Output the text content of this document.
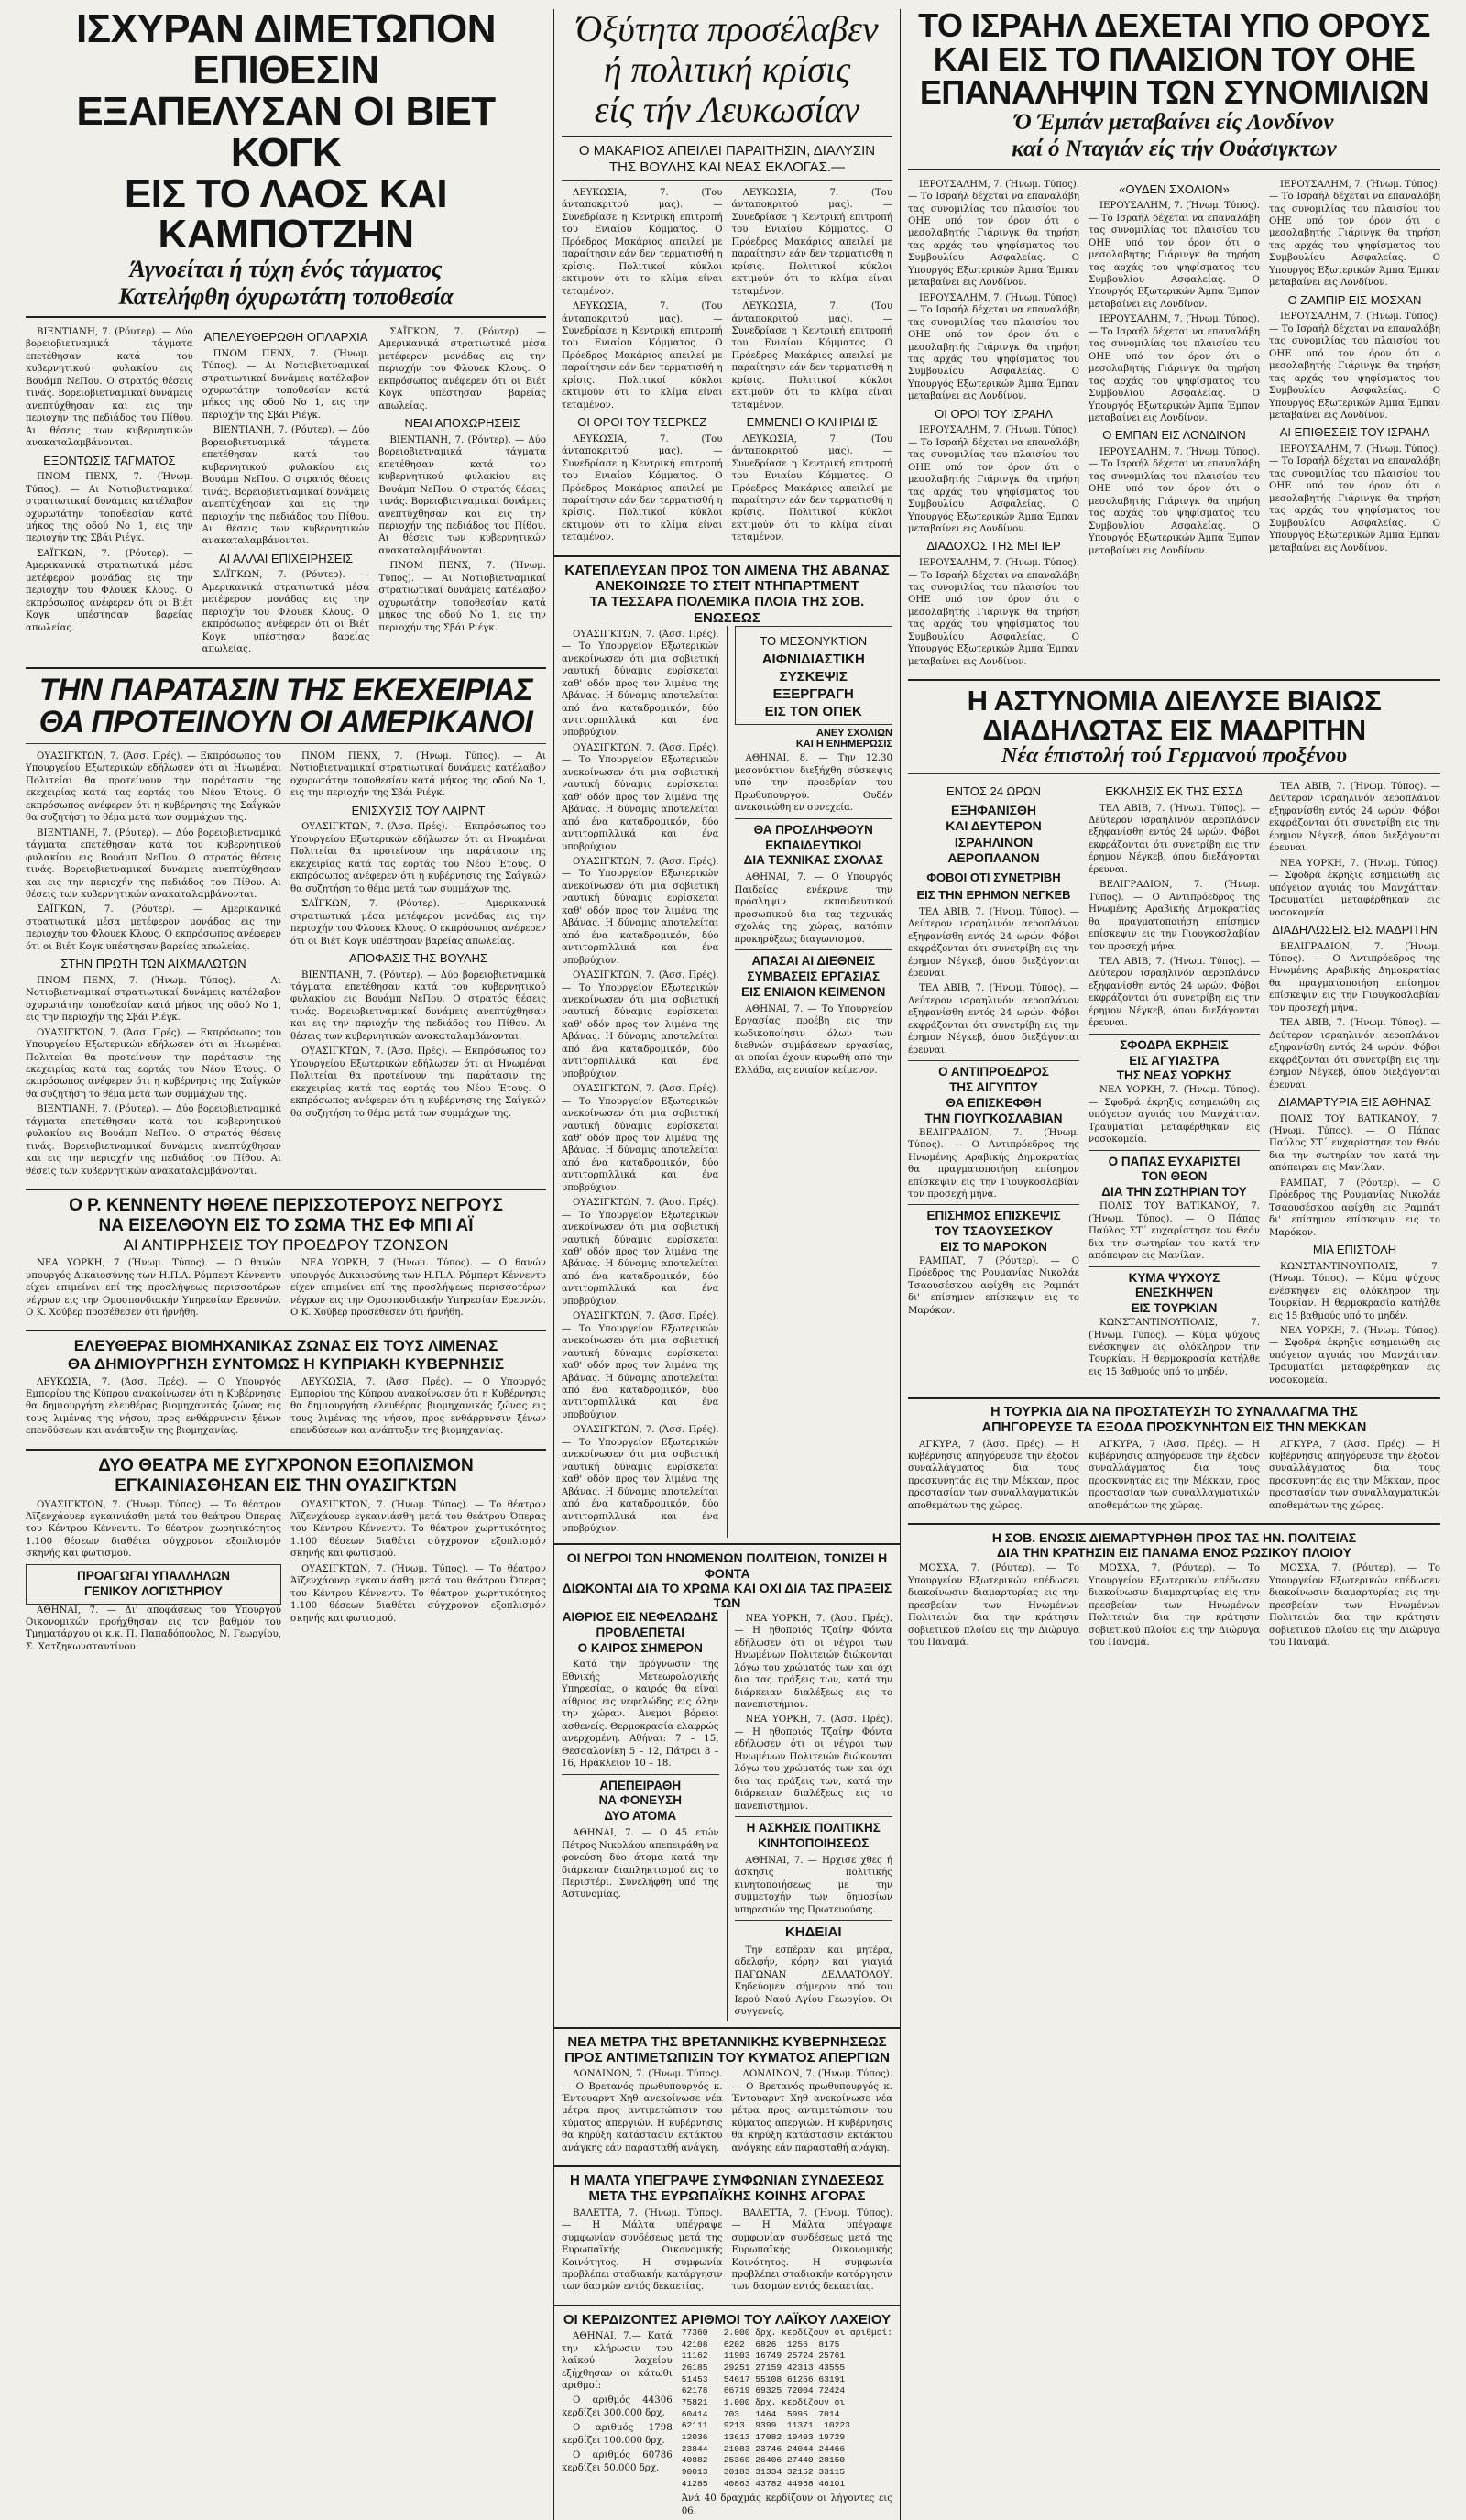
ΙΣΧΥΡΑΝ ΔΙΜΕΤΩΠΟΝ ΕΠΙΘΕΣΙΝ
ΕΞΑΠΕΛΥΣΑΝ ΟΙ ΒΙΕΤ ΚΟΓΚ
ΕΙΣ ΤΟ ΛΑΟΣ ΚΑΙ ΚΑΜΠΟΤΖΗΝ
Άγνοείται ή τύχη ένός τάγματος
Κατελήφθη όχυρωτάτη τοποθεσία

ΒΙΕΝΤΙΑΝΗ, 7. (Ρόυτερ). — Δύο βορειοβιετναμικά τάγματα επετέθησαν κατά του κυβερνητικού φυλακίου εις Βουάμπ ΝεΠου. Ο στρατός θέσεις τινάς. Βορειοβιετναμικαί δυνάμεις ανεπτύχθησαν και εις την περιοχήν της πεδιάδος του Πίθου. Αι θέσεις των κυβερνητικών ανακαταλαμβάνονται.

ΕΞΟΝΤΩΣΙΣ ΤΑΓΜΑΤΟΣ

ΠΝΟΜ ΠΕΝΧ, 7. (Ήνωμ. Τύπος). — Αι Νοτιοβιετναμικαί στρατιωτικαί δυνάμεις κατέλαβον οχυρωτάτην τοποθεσίαν κατά μήκος της οδού Νο 1, εις την περιοχήν της Σβάι Ριέγκ.

ΣΑΪΓΚΩΝ, 7. (Ρόυτερ). — Αμερικανικά στρατιωτικά μέσα μετέφερον μονάδας εις την περιοχήν του Φλουεκ Κλους. Ο εκπρόσωπος ανέφερεν ότι οι Βιέτ Κογκ υπέστησαν βαρείας απωλείας.

ΑΠΕΛΕΥΘΕΡΩΘΗ ΟΠΛΑΡΧΙΑ

ΠΝΟΜ ΠΕΝΧ, 7. (Ήνωμ. Τύπος). — Αι Νοτιοβιετναμικαί στρατιωτικαί δυνάμεις κατέλαβον οχυρωτάτην τοποθεσίαν κατά μήκος της οδού Νο 1, εις την περιοχήν της Σβάι Ριέγκ.

ΒΙΕΝΤΙΑΝΗ, 7. (Ρόυτερ). — Δύο βορειοβιετναμικά τάγματα επετέθησαν κατά του κυβερνητικού φυλακίου εις Βουάμπ ΝεΠου. Ο στρατός θέσεις τινάς. Βορειοβιετναμικαί δυνάμεις ανεπτύχθησαν και εις την περιοχήν της πεδιάδος του Πίθου. Αι θέσεις των κυβερνητικών ανακαταλαμβάνονται.

ΑΙ ΑΛΛΑΙ ΕΠΙΧΕΙΡΗΣΕΙΣ

ΣΑΪΓΚΩΝ, 7. (Ρόυτερ). — Αμερικανικά στρατιωτικά μέσα μετέφερον μονάδας εις την περιοχήν του Φλουεκ Κλους. Ο εκπρόσωπος ανέφερεν ότι οι Βιέτ Κογκ υπέστησαν βαρείας απωλείας.

ΣΑΪΓΚΩΝ, 7. (Ρόυτερ). — Αμερικανικά στρατιωτικά μέσα μετέφερον μονάδας εις την περιοχήν του Φλουεκ Κλους. Ο εκπρόσωπος ανέφερεν ότι οι Βιέτ Κογκ υπέστησαν βαρείας απωλείας.

ΝΕΑΙ ΑΠΟΧΩΡΗΣΕΙΣ

ΒΙΕΝΤΙΑΝΗ, 7. (Ρόυτερ). — Δύο βορειοβιετναμικά τάγματα επετέθησαν κατά του κυβερνητικού φυλακίου εις Βουάμπ ΝεΠου. Ο στρατός θέσεις τινάς. Βορειοβιετναμικαί δυνάμεις ανεπτύχθησαν και εις την περιοχήν της πεδιάδος του Πίθου. Αι θέσεις των κυβερνητικών ανακαταλαμβάνονται.

ΠΝΟΜ ΠΕΝΧ, 7. (Ήνωμ. Τύπος). — Αι Νοτιοβιετναμικαί στρατιωτικαί δυνάμεις κατέλαβον οχυρωτάτην τοποθεσίαν κατά μήκος της οδού Νο 1, εις την περιοχήν της Σβάι Ριέγκ.

ΤΗΝ ΠΑΡΑΤΑΣΙΝ ΤΗΣ ΕΚΕΧΕΙΡΙΑΣ
ΘΑ ΠΡΟΤΕΙΝΟΥΝ ΟΙ ΑΜΕΡΙΚΑΝΟΙ

ΟΥΑΣΙΓΚΤΩΝ, 7. (Άσσ. Πρές). — Εκπρόσωπος του Υπουργείου Εξωτερικών εδήλωσεν ότι αι Ηνωμέναι Πολιτείαι θα προτείνουν την παράτασιν της εκεχειρίας κατά τας εορτάς του Νέου Έτους. Ο εκπρόσωπος ανέφερεν ότι η κυβέρνησις της Σαΐγκών θα συζητήση το θέμα μετά των συμμάχων της.

ΒΙΕΝΤΙΑΝΗ, 7. (Ρόυτερ). — Δύο βορειοβιετναμικά τάγματα επετέθησαν κατά του κυβερνητικού φυλακίου εις Βουάμπ ΝεΠου. Ο στρατός θέσεις τινάς. Βορειοβιετναμικαί δυνάμεις ανεπτύχθησαν και εις την περιοχήν της πεδιάδος του Πίθου. Αι θέσεις των κυβερνητικών ανακαταλαμβάνονται.

ΣΑΪΓΚΩΝ, 7. (Ρόυτερ). — Αμερικανικά στρατιωτικά μέσα μετέφερον μονάδας εις την περιοχήν του Φλουεκ Κλους. Ο εκπρόσωπος ανέφερεν ότι οι Βιέτ Κογκ υπέστησαν βαρείας απωλείας.

ΣΤΗΝ ΠΡΩΤΗ ΤΩΝ ΑΙΧΜΑΛΩΤΩΝ

ΠΝΟΜ ΠΕΝΧ, 7. (Ήνωμ. Τύπος). — Αι Νοτιοβιετναμικαί στρατιωτικαί δυνάμεις κατέλαβον οχυρωτάτην τοποθεσίαν κατά μήκος της οδού Νο 1, εις την περιοχήν της Σβάι Ριέγκ.

ΟΥΑΣΙΓΚΤΩΝ, 7. (Άσσ. Πρές). — Εκπρόσωπος του Υπουργείου Εξωτερικών εδήλωσεν ότι αι Ηνωμέναι Πολιτείαι θα προτείνουν την παράτασιν της εκεχειρίας κατά τας εορτάς του Νέου Έτους. Ο εκπρόσωπος ανέφερεν ότι η κυβέρνησις της Σαΐγκών θα συζητήση το θέμα μετά των συμμάχων της.

ΒΙΕΝΤΙΑΝΗ, 7. (Ρόυτερ). — Δύο βορειοβιετναμικά τάγματα επετέθησαν κατά του κυβερνητικού φυλακίου εις Βουάμπ ΝεΠου. Ο στρατός θέσεις τινάς. Βορειοβιετναμικαί δυνάμεις ανεπτύχθησαν και εις την περιοχήν της πεδιάδος του Πίθου. Αι θέσεις των κυβερνητικών ανακαταλαμβάνονται.

ΠΝΟΜ ΠΕΝΧ, 7. (Ήνωμ. Τύπος). — Αι Νοτιοβιετναμικαί στρατιωτικαί δυνάμεις κατέλαβον οχυρωτάτην τοποθεσίαν κατά μήκος της οδού Νο 1, εις την περιοχήν της Σβάι Ριέγκ.

ΕΝΙΣΧΥΣΙΣ ΤΟΥ ΛΑΙΡΝΤ

ΟΥΑΣΙΓΚΤΩΝ, 7. (Άσσ. Πρές). — Εκπρόσωπος του Υπουργείου Εξωτερικών εδήλωσεν ότι αι Ηνωμέναι Πολιτείαι θα προτείνουν την παράτασιν της εκεχειρίας κατά τας εορτάς του Νέου Έτους. Ο εκπρόσωπος ανέφερεν ότι η κυβέρνησις της Σαΐγκών θα συζητήση το θέμα μετά των συμμάχων της.

ΣΑΪΓΚΩΝ, 7. (Ρόυτερ). — Αμερικανικά στρατιωτικά μέσα μετέφερον μονάδας εις την περιοχήν του Φλουεκ Κλους. Ο εκπρόσωπος ανέφερεν ότι οι Βιέτ Κογκ υπέστησαν βαρείας απωλείας.

ΑΠΟΦΑΣΙΣ ΤΗΣ ΒΟΥΛΗΣ

ΒΙΕΝΤΙΑΝΗ, 7. (Ρόυτερ). — Δύο βορειοβιετναμικά τάγματα επετέθησαν κατά του κυβερνητικού φυλακίου εις Βουάμπ ΝεΠου. Ο στρατός θέσεις τινάς. Βορειοβιετναμικαί δυνάμεις ανεπτύχθησαν και εις την περιοχήν της πεδιάδος του Πίθου. Αι θέσεις των κυβερνητικών ανακαταλαμβάνονται.

ΟΥΑΣΙΓΚΤΩΝ, 7. (Άσσ. Πρές). — Εκπρόσωπος του Υπουργείου Εξωτερικών εδήλωσεν ότι αι Ηνωμέναι Πολιτείαι θα προτείνουν την παράτασιν της εκεχειρίας κατά τας εορτάς του Νέου Έτους. Ο εκπρόσωπος ανέφερεν ότι η κυβέρνησις της Σαΐγκών θα συζητήση το θέμα μετά των συμμάχων της.

Ο Ρ. ΚΕΝΝΕΝΤΥ ΗΘΕΛΕ ΠΕΡΙΣΣΟΤΕΡΟΥΣ ΝΕΓΡΟΥΣ
ΝΑ ΕΙΣΕΛΘΟΥΝ ΕΙΣ ΤΟ ΣΩΜΑ ΤΗΣ ΕΦ ΜΠΙ ΑΪ
ΑΙ ΑΝΤΙΡΡΗΣΕΙΣ ΤΟΥ ΠΡΟΕΔΡΟΥ ΤΖΟΝΣΟΝ

ΝΕΑ ΥΟΡΚΗ, 7 (Ήνωμ. Τύπος). — Ο θανών υπουργός Δικαιοσύνης των Η.Π.Α. Ρόμπερτ Κέννεντυ είχεν επιμείνει επί της προσλήψεως περισσοτέρων νέγρων εις την Ομοσπονδιακήν Υπηρεσίαν Ερευνών. Ο Κ. Χούβερ προσέθεσεν ότι ήρνήθη.

ΝΕΑ ΥΟΡΚΗ, 7 (Ήνωμ. Τύπος). — Ο θανών υπουργός Δικαιοσύνης των Η.Π.Α. Ρόμπερτ Κέννεντυ είχεν επιμείνει επί της προσλήψεως περισσοτέρων νέγρων εις την Ομοσπονδιακήν Υπηρεσίαν Ερευνών. Ο Κ. Χούβερ προσέθεσεν ότι ήρνήθη.

ΕΛΕΥΘΕΡΑΣ ΒΙΟΜΗΧΑΝΙΚΑΣ ΖΩΝΑΣ ΕΙΣ ΤΟΥΣ ΛΙΜΕΝΑΣ
ΘΑ ΔΗΜΙΟΥΡΓΗΣΗ ΣΥΝΤΟΜΩΣ Η ΚΥΠΡΙΑΚΗ ΚΥΒΕΡΝΗΣΙΣ

ΛΕΥΚΩΣΙΑ, 7. (Άσσ. Πρές). — Ο Υπουργός Εμπορίου της Κύπρου ανακοίνωσεν ότι η Κυβέρνησις θα δημιουργήση ελευθέρας βιομηχανικάς ζώνας εις τους λιμένας της νήσου, προς ενθάρρυνσιν ξένων επενδύσεων και ανάπτυξιν της βιομηχανίας.

ΛΕΥΚΩΣΙΑ, 7. (Άσσ. Πρές). — Ο Υπουργός Εμπορίου της Κύπρου ανακοίνωσεν ότι η Κυβέρνησις θα δημιουργήση ελευθέρας βιομηχανικάς ζώνας εις τους λιμένας της νήσου, προς ενθάρρυνσιν ξένων επενδύσεων και ανάπτυξιν της βιομηχανίας.

ΔΥΟ ΘΕΑΤΡΑ ΜΕ ΣΥΓΧΡΟΝΟΝ ΕΞΟΠΛΙΣΜΟΝ
ΕΓΚΑΙΝΙΑΣΘΗΣΑΝ ΕΙΣ ΤΗΝ ΟΥΑΣΙΓΚΤΩΝ

ΟΥΑΣΙΓΚΤΩΝ, 7. (Ήνωμ. Τύπος). — Το θέατρον Άϊζενχάουερ εγκαινιάσθη μετά του θεάτρου Όπερας του Κέντρου Κέννεντυ. Το θέατρον χωρητικότητος 1.100 θέσεων διαθέτει σύγχρονον εξοπλισμόν σκηνής και φωτισμού.

ΠΡΟΑΓΩΓΑΙ ΥΠΑΛΛΗΛΩΝ
ΓΕΝΙΚΟΥ ΛΟΓΙΣΤΗΡΙΟΥ

ΑΘΗΝΑΙ, 7. — Δι' αποφάσεως του Υπουργού Οικονομικών προήχθησαν εις τον βαθμόν του Τμηματάρχου οι κ.κ. Π. Παπαδόπουλος, Ν. Γεωργίου, Σ. Χατζηκωνσταντίνου.

ΟΥΑΣΙΓΚΤΩΝ, 7. (Ήνωμ. Τύπος). — Το θέατρον Άϊζενχάουερ εγκαινιάσθη μετά του θεάτρου Όπερας του Κέντρου Κέννεντυ. Το θέατρον χωρητικότητος 1.100 θέσεων διαθέτει σύγχρονον εξοπλισμόν σκηνής και φωτισμού.

ΟΥΑΣΙΓΚΤΩΝ, 7. (Ήνωμ. Τύπος). — Το θέατρον Άϊζενχάουερ εγκαινιάσθη μετά του θεάτρου Όπερας του Κέντρου Κέννεντυ. Το θέατρον χωρητικότητος 1.100 θέσεων διαθέτει σύγχρονον εξοπλισμόν σκηνής και φωτισμού.

Όξύτητα προσέλαβεν
ή πολιτική κρίσις
είς τήν Λευκωσίαν
Ο ΜΑΚΑΡΙΟΣ ΑΠΕΙΛΕΙ ΠΑΡΑΙΤΗΣΙΝ, ΔΙΑΛΥΣΙΝ ΤΗΣ ΒΟΥΛΗΣ ΚΑΙ ΝΕΑΣ ΕΚΛΟΓΑΣ.—

ΛΕΥΚΩΣΙΑ, 7. (Του άνταποκριτού μας). — Συνεδρίασε η Κεντρική επιτροπή του Ενιαίου Κόμματος. Ο Πρόεδρος Μακάριος απειλεί με παραίτησιν εάν δεν τερματισθή η κρίσις. Πολιτικοί κύκλοι εκτιμούν ότι το κλίμα είναι τεταμένον.

ΛΕΥΚΩΣΙΑ, 7. (Του άνταποκριτού μας). — Συνεδρίασε η Κεντρική επιτροπή του Ενιαίου Κόμματος. Ο Πρόεδρος Μακάριος απειλεί με παραίτησιν εάν δεν τερματισθή η κρίσις. Πολιτικοί κύκλοι εκτιμούν ότι το κλίμα είναι τεταμένον.

ΟΙ ΟΡΟΙ ΤΟΥ ΤΣΕΡΚΕΖ

ΛΕΥΚΩΣΙΑ, 7. (Του άνταποκριτού μας). — Συνεδρίασε η Κεντρική επιτροπή του Ενιαίου Κόμματος. Ο Πρόεδρος Μακάριος απειλεί με παραίτησιν εάν δεν τερματισθή η κρίσις. Πολιτικοί κύκλοι εκτιμούν ότι το κλίμα είναι τεταμένον.

ΛΕΥΚΩΣΙΑ, 7. (Του άνταποκριτού μας). — Συνεδρίασε η Κεντρική επιτροπή του Ενιαίου Κόμματος. Ο Πρόεδρος Μακάριος απειλεί με παραίτησιν εάν δεν τερματισθή η κρίσις. Πολιτικοί κύκλοι εκτιμούν ότι το κλίμα είναι τεταμένον.

ΛΕΥΚΩΣΙΑ, 7. (Του άνταποκριτού μας). — Συνεδρίασε η Κεντρική επιτροπή του Ενιαίου Κόμματος. Ο Πρόεδρος Μακάριος απειλεί με παραίτησιν εάν δεν τερματισθή η κρίσις. Πολιτικοί κύκλοι εκτιμούν ότι το κλίμα είναι τεταμένον.

ΕΜΜΕΝΕΙ Ο ΚΛΗΡΙΔΗΣ

ΛΕΥΚΩΣΙΑ, 7. (Του άνταποκριτού μας). — Συνεδρίασε η Κεντρική επιτροπή του Ενιαίου Κόμματος. Ο Πρόεδρος Μακάριος απειλεί με παραίτησιν εάν δεν τερματισθή η κρίσις. Πολιτικοί κύκλοι εκτιμούν ότι το κλίμα είναι τεταμένον.

ΚΑΤΕΠΛΕΥΣΑΝ ΠΡΟΣ ΤΟΝ ΛΙΜΕΝΑ ΤΗΣ ΑΒΑΝΑΣ
ΑΝΕΚΟΙΝΩΣΕ ΤΟ ΣΤΕΙΤ ΝΤΗΠΑΡΤΜΕΝΤ
ΤΑ ΤΕΣΣΑΡΑ ΠΟΛΕΜΙΚΑ ΠΛΟΙΑ ΤΗΣ ΣΟΒ. ΕΝΩΣΕΩΣ

ΟΥΑΣΙΓΚΤΩΝ, 7. (Άσσ. Πρές). — Το Υπουργείον Εξωτερικών ανεκοίνωσεν ότι μια σοβιετική ναυτική δύναμις ευρίσκεται καθ' οδόν προς τον λιμένα της Αβάνας. Η δύναμις αποτελείται από ένα καταδρομικόν, δύο αντιτορπιλλικά και ένα υποβρύχιον.

ΟΥΑΣΙΓΚΤΩΝ, 7. (Άσσ. Πρές). — Το Υπουργείον Εξωτερικών ανεκοίνωσεν ότι μια σοβιετική ναυτική δύναμις ευρίσκεται καθ' οδόν προς τον λιμένα της Αβάνας. Η δύναμις αποτελείται από ένα καταδρομικόν, δύο αντιτορπιλλικά και ένα υποβρύχιον.

ΟΥΑΣΙΓΚΤΩΝ, 7. (Άσσ. Πρές). — Το Υπουργείον Εξωτερικών ανεκοίνωσεν ότι μια σοβιετική ναυτική δύναμις ευρίσκεται καθ' οδόν προς τον λιμένα της Αβάνας. Η δύναμις αποτελείται από ένα καταδρομικόν, δύο αντιτορπιλλικά και ένα υποβρύχιον.

ΟΥΑΣΙΓΚΤΩΝ, 7. (Άσσ. Πρές). — Το Υπουργείον Εξωτερικών ανεκοίνωσεν ότι μια σοβιετική ναυτική δύναμις ευρίσκεται καθ' οδόν προς τον λιμένα της Αβάνας. Η δύναμις αποτελείται από ένα καταδρομικόν, δύο αντιτορπιλλικά και ένα υποβρύχιον.

ΟΥΑΣΙΓΚΤΩΝ, 7. (Άσσ. Πρές). — Το Υπουργείον Εξωτερικών ανεκοίνωσεν ότι μια σοβιετική ναυτική δύναμις ευρίσκεται καθ' οδόν προς τον λιμένα της Αβάνας. Η δύναμις αποτελείται από ένα καταδρομικόν, δύο αντιτορπιλλικά και ένα υποβρύχιον.

ΟΥΑΣΙΓΚΤΩΝ, 7. (Άσσ. Πρές). — Το Υπουργείον Εξωτερικών ανεκοίνωσεν ότι μια σοβιετική ναυτική δύναμις ευρίσκεται καθ' οδόν προς τον λιμένα της Αβάνας. Η δύναμις αποτελείται από ένα καταδρομικόν, δύο αντιτορπιλλικά και ένα υποβρύχιον.

ΟΥΑΣΙΓΚΤΩΝ, 7. (Άσσ. Πρές). — Το Υπουργείον Εξωτερικών ανεκοίνωσεν ότι μια σοβιετική ναυτική δύναμις ευρίσκεται καθ' οδόν προς τον λιμένα της Αβάνας. Η δύναμις αποτελείται από ένα καταδρομικόν, δύο αντιτορπιλλικά και ένα υποβρύχιον.

ΟΥΑΣΙΓΚΤΩΝ, 7. (Άσσ. Πρές). — Το Υπουργείον Εξωτερικών ανεκοίνωσεν ότι μια σοβιετική ναυτική δύναμις ευρίσκεται καθ' οδόν προς τον λιμένα της Αβάνας. Η δύναμις αποτελείται από ένα καταδρομικόν, δύο αντιτορπιλλικά και ένα υποβρύχιον.

ΤΟ ΜΕΣΟΝΥΚΤΙΟΝ
ΑΙΦΝΙΔΙΑΣΤΙΚΗ
ΣΥΣΚΕΨΙΣ
ΕΞΕΡΓΡΑΓΗ
ΕΙΣ ΤΟΝ ΟΠΕΚ
ΑΝΕΥ ΣΧΟΛΙΩΝ
ΚΑΙ Η ΕΝΗΜΕΡΩΣΙΣ

ΑΘΗΝΑΙ, 8. — Την 12.30 μεσονύκτιον διεξήχθη σύσκεψις υπό την προεδρίαν του Πρωθυπουργού. Ουδέν ανεκοινώθη εν συνεχεία.

ΘΑ ΠΡΟΣΛΗΦΘΟΥΝ
ΕΚΠΑΙΔΕΥΤΙΚΟΙ
ΔΙΑ ΤΕΧΝΙΚΑΣ ΣΧΟΛΑΣ

ΑΘΗΝΑΙ, 7. — Ο Υπουργός Παιδείας ενέκρινε την πρόσληψιν εκπαιδευτικού προσωπικού δια τας τεχνικάς σχολάς της χώρας, κατόπιν προκηρύξεως διαγωνισμού.

ΑΠΑΣΑΙ ΑΙ ΔΙΕΘΝΕΙΣ
ΣΥΜΒΑΣΕΙΣ ΕΡΓΑΣΙΑΣ
ΕΙΣ ΕΝΙΑΙΟΝ ΚΕΙΜΕΝΟΝ

ΑΘΗΝΑΙ, 7. — Το Υπουργείον Εργασίας προέβη εις την κωδικοποίησιν όλων των διεθνών συμβάσεων εργασίας, αι οποίαι έχουν κυρωθή από την Ελλάδα, εις ενιαίον κείμενον.

ΟΙ ΝΕΓΡΟΙ ΤΩΝ ΗΝΩΜΕΝΩΝ ΠΟΛΙΤΕΙΩΝ, ΤΟΝΙΖΕΙ Η ΦΟΝΤΑ
ΔΙΩΚΟΝΤΑΙ ΔΙΑ ΤΟ ΧΡΩΜΑ ΚΑΙ ΟΧΙ ΔΙΑ ΤΑΣ ΠΡΑΞΕΙΣ ΤΩΝ
ΑΙΘΡΙΟΣ ΕΙΣ ΝΕΦΕΛΩΔΗΣ
ΠΡΟΒΛΕΠΕΤΑΙ
Ο ΚΑΙΡΟΣ ΣΗΜΕΡΟΝ

Κατά την πρόγνωσιν της Εθνικής Μετεωρολογικής Υπηρεσίας, ο καιρός θα είναι αίθριος εις νεφελώδης εις όλην την χώραν. Άνεμοι βόρειοι ασθενείς. Θερμοκρασία ελαφρώς ανερχομένη. Αθήναι: 7 – 15, Θεσσαλονίκη 5 – 12, Πάτραι 8 – 16, Ηράκλειον 10 – 18.

ΑΠΕΠΕΙΡΑΘΗ
ΝΑ ΦΟΝΕΥΣΗ
ΔΥΟ ΑΤΟΜΑ

ΑΘΗΝΑΙ, 7. — Ο 45 ετών Πέτρος Νικολάου απεπειράθη να φονεύση δύο άτομα κατά την διάρκειαν διαπληκτισμού εις το Περιστέρι. Συνελήφθη υπό της Αστυνομίας.

ΝΕΑ ΥΟΡΚΗ, 7. (Άσσ. Πρές). — Η ηθοποιός Τζαίην Φόντα εδήλωσεν ότι οι νέγροι των Ηνωμένων Πολιτειών διώκονται λόγω του χρώματός των και όχι δια τας πράξεις των, κατά την διάρκειαν διαλέξεως εις το πανεπιστήμιον.

ΝΕΑ ΥΟΡΚΗ, 7. (Άσσ. Πρές). — Η ηθοποιός Τζαίην Φόντα εδήλωσεν ότι οι νέγροι των Ηνωμένων Πολιτειών διώκονται λόγω του χρώματός των και όχι δια τας πράξεις των, κατά την διάρκειαν διαλέξεως εις το πανεπιστήμιον.

Η ΑΣΚΗΣΙΣ ΠΟΛΙΤΙΚΗΣ
ΚΙΝΗΤΟΠΟΙΗΣΕΩΣ

ΑΘΗΝΑΙ, 7. — Ηρχισε χθες ή άσκησις πολιτικής κινητοποιήσεως με την συμμετοχήν των δημοσίων υπηρεσιών της Πρωτευούσης.

ΚΗΔΕΙΑΙ

Την εσπέραν και μητέρα, αδελφήν, κόρην και γιαγιά ΠΑΓΩΝΑΝ ΔΕΛΛΑΤΟΛΟΥ. Κηδεύομεν σήμερον από του Ιερού Ναού Αγίου Γεωργίου. Οι συγγενείς.

ΝΕΑ ΜΕΤΡΑ ΤΗΣ ΒΡΕΤΑΝΝΙΚΗΣ ΚΥΒΕΡΝΗΣΕΩΣ
ΠΡΟΣ ΑΝΤΙΜΕΤΩΠΙΣΙΝ ΤΟΥ ΚΥΜΑΤΟΣ ΑΠΕΡΓΙΩΝ

ΛΟΝΔΙΝΟΝ, 7. (Ήνωμ. Τύπος). — Ο Βρετανός πρωθυπουργός κ. Έντουαρντ Χηθ ανεκοίνωσε νέα μέτρα προς αντιμετώπισιν του κύματος απεργιών. Η κυβέρνησις θα κηρύξη κατάστασιν εκτάκτου ανάγκης εάν παρασταθή ανάγκη.

ΛΟΝΔΙΝΟΝ, 7. (Ήνωμ. Τύπος). — Ο Βρετανός πρωθυπουργός κ. Έντουαρντ Χηθ ανεκοίνωσε νέα μέτρα προς αντιμετώπισιν του κύματος απεργιών. Η κυβέρνησις θα κηρύξη κατάστασιν εκτάκτου ανάγκης εάν παρασταθή ανάγκη.

Η ΜΑΛΤΑ ΥΠΕΓΡΑΨΕ ΣΥΜΦΩΝΙΑΝ ΣΥΝΔΕΣΕΩΣ
ΜΕΤΑ ΤΗΣ ΕΥΡΩΠΑΪΚΗΣ ΚΟΙΝΗΣ ΑΓΟΡΑΣ

ΒΑΛΕΤΤΑ, 7. (Ήνωμ. Τύπος). — Η Μάλτα υπέγραψε συμφωνίαν συνδέσεως μετά της Ευρωπαϊκής Οικονομικής Κοινότητος. Η συμφωνία προβλέπει σταδιακήν κατάργησιν των δασμών εντός δεκαετίας.

ΒΑΛΕΤΤΑ, 7. (Ήνωμ. Τύπος). — Η Μάλτα υπέγραψε συμφωνίαν συνδέσεως μετά της Ευρωπαϊκής Οικονομικής Κοινότητος. Η συμφωνία προβλέπει σταδιακήν κατάργησιν των δασμών εντός δεκαετίας.

ΟΙ ΚΕΡΔΙΖΟΝΤΕΣ ΑΡΙΘΜΟΙ ΤΟΥ ΛΑΪΚΟΥ ΛΑΧΕΙΟΥ

ΑΘΗΝΑΙ, 7.— Κατά την κλήρωσιν του λαϊκού λαχείου εξήχθησαν οι κάτωθι αριθμοί:

Ο αριθμός 44306 κερδίζει 300.000 δρχ.

Ο αριθμός 1798 κερδίζει 100.000 δρχ.

Ο αριθμός 60786 κερδίζει 50.000 δρχ.

77360   2.000 δρχ. κερδίζουν οι αριθμοί:
42108   6202  6826  1256  8175
11162   11903 16749 25724 25761
26185   29251 27159 42313 43555
51453   54617 55108 61256 63191
62178   66719 69325 72004 72424
75821   1.000 δρχ. κερδίζουν οι
60414   703   1464  5995  7014
62111   9213  9399  11371  10223
12036   13613 17082 19403 19729
23844   21083 23746 24044 24466
40882   25360 26406 27440 28150
90013   30183 31334 32152 33115
41285   40863 43782 44968 46101
Άνά 40 δραχμάς κερδίζουν οι λήγοντες εις 06.
ΤΟ ΙΣΡΑΗΛ ΔΕΧΕΤΑΙ ΥΠΟ ΟΡΟΥΣ
ΚΑΙ ΕΙΣ ΤΟ ΠΛΑΙΣΙΟΝ ΤΟΥ ΟΗΕ
ΕΠΑΝΑΛΗΨΙΝ ΤΩΝ ΣΥΝΟΜΙΛΙΩΝ
Ό Έμπάν μεταβαίνει είς Λονδίνον
καί ό Νταγιάν είς τήν Ουάσιγκτων

ΙΕΡΟΥΣΑΛΗΜ, 7. (Ήνωμ. Τύπος). — Το Ισραήλ δέχεται να επαναλάβη τας συνομιλίας του πλαισίου του ΟΗΕ υπό τον όρον ότι ο μεσολαβητής Γιάρινγκ θα τηρήση τας αρχάς του ψηφίσματος του Συμβουλίου Ασφαλείας. Ο Υπουργός Εξωτερικών Άμπα Έμπαν μεταβαίνει εις Λονδίνον.

ΙΕΡΟΥΣΑΛΗΜ, 7. (Ήνωμ. Τύπος). — Το Ισραήλ δέχεται να επαναλάβη τας συνομιλίας του πλαισίου του ΟΗΕ υπό τον όρον ότι ο μεσολαβητής Γιάρινγκ θα τηρήση τας αρχάς του ψηφίσματος του Συμβουλίου Ασφαλείας. Ο Υπουργός Εξωτερικών Άμπα Έμπαν μεταβαίνει εις Λονδίνον.

ΟΙ ΟΡΟΙ ΤΟΥ ΙΣΡΑΗΛ

ΙΕΡΟΥΣΑΛΗΜ, 7. (Ήνωμ. Τύπος). — Το Ισραήλ δέχεται να επαναλάβη τας συνομιλίας του πλαισίου του ΟΗΕ υπό τον όρον ότι ο μεσολαβητής Γιάρινγκ θα τηρήση τας αρχάς του ψηφίσματος του Συμβουλίου Ασφαλείας. Ο Υπουργός Εξωτερικών Άμπα Έμπαν μεταβαίνει εις Λονδίνον.

ΔΙΑΔΟΧΟΣ ΤΗΣ ΜΕΓΙΕΡ

ΙΕΡΟΥΣΑΛΗΜ, 7. (Ήνωμ. Τύπος). — Το Ισραήλ δέχεται να επαναλάβη τας συνομιλίας του πλαισίου του ΟΗΕ υπό τον όρον ότι ο μεσολαβητής Γιάρινγκ θα τηρήση τας αρχάς του ψηφίσματος του Συμβουλίου Ασφαλείας. Ο Υπουργός Εξωτερικών Άμπα Έμπαν μεταβαίνει εις Λονδίνον.

«ΟΥΔΕΝ ΣΧΟΛΙΟΝ»

ΙΕΡΟΥΣΑΛΗΜ, 7. (Ήνωμ. Τύπος). — Το Ισραήλ δέχεται να επαναλάβη τας συνομιλίας του πλαισίου του ΟΗΕ υπό τον όρον ότι ο μεσολαβητής Γιάρινγκ θα τηρήση τας αρχάς του ψηφίσματος του Συμβουλίου Ασφαλείας. Ο Υπουργός Εξωτερικών Άμπα Έμπαν μεταβαίνει εις Λονδίνον.

ΙΕΡΟΥΣΑΛΗΜ, 7. (Ήνωμ. Τύπος). — Το Ισραήλ δέχεται να επαναλάβη τας συνομιλίας του πλαισίου του ΟΗΕ υπό τον όρον ότι ο μεσολαβητής Γιάρινγκ θα τηρήση τας αρχάς του ψηφίσματος του Συμβουλίου Ασφαλείας. Ο Υπουργός Εξωτερικών Άμπα Έμπαν μεταβαίνει εις Λονδίνον.

Ο ΕΜΠΑΝ ΕΙΣ ΛΟΝΔΙΝΟΝ

ΙΕΡΟΥΣΑΛΗΜ, 7. (Ήνωμ. Τύπος). — Το Ισραήλ δέχεται να επαναλάβη τας συνομιλίας του πλαισίου του ΟΗΕ υπό τον όρον ότι ο μεσολαβητής Γιάρινγκ θα τηρήση τας αρχάς του ψηφίσματος του Συμβουλίου Ασφαλείας. Ο Υπουργός Εξωτερικών Άμπα Έμπαν μεταβαίνει εις Λονδίνον.

ΙΕΡΟΥΣΑΛΗΜ, 7. (Ήνωμ. Τύπος). — Το Ισραήλ δέχεται να επαναλάβη τας συνομιλίας του πλαισίου του ΟΗΕ υπό τον όρον ότι ο μεσολαβητής Γιάρινγκ θα τηρήση τας αρχάς του ψηφίσματος του Συμβουλίου Ασφαλείας. Ο Υπουργός Εξωτερικών Άμπα Έμπαν μεταβαίνει εις Λονδίνον.

Ο ΖΑΜΠΙΡ ΕΙΣ ΜΟΣΧΑΝ

ΙΕΡΟΥΣΑΛΗΜ, 7. (Ήνωμ. Τύπος). — Το Ισραήλ δέχεται να επαναλάβη τας συνομιλίας του πλαισίου του ΟΗΕ υπό τον όρον ότι ο μεσολαβητής Γιάρινγκ θα τηρήση τας αρχάς του ψηφίσματος του Συμβουλίου Ασφαλείας. Ο Υπουργός Εξωτερικών Άμπα Έμπαν μεταβαίνει εις Λονδίνον.

ΑΙ ΕΠΙΘΕΣΕΙΣ ΤΟΥ ΙΣΡΑΗΛ

ΙΕΡΟΥΣΑΛΗΜ, 7. (Ήνωμ. Τύπος). — Το Ισραήλ δέχεται να επαναλάβη τας συνομιλίας του πλαισίου του ΟΗΕ υπό τον όρον ότι ο μεσολαβητής Γιάρινγκ θα τηρήση τας αρχάς του ψηφίσματος του Συμβουλίου Ασφαλείας. Ο Υπουργός Εξωτερικών Άμπα Έμπαν μεταβαίνει εις Λονδίνον.

Η ΑΣΤΥΝΟΜΙΑ ΔΙΕΛΥΣΕ ΒΙΑΙΩΣ
ΔΙΑΔΗΛΩΤΑΣ ΕΙΣ ΜΑΔΡΙΤΗΝ
Νέα έπιστολή τού Γερμανού προξένου
ΕΝΤΟΣ 24 ΩΡΩΝ
ΕΞΗΦΑΝΙΣΘΗ
ΚΑΙ ΔΕΥΤΕΡΟΝ
ΙΣΡΑΗΛΙΝΟΝ
ΑΕΡΟΠΛΑΝΟΝ
ΦΟΒΟΙ ΟΤΙ ΣΥΝΕΤΡΙΒΗ
ΕΙΣ ΤΗΝ ΕΡΗΜΟΝ ΝΕΓΚΕΒ

ΤΕΛ ΑΒΙΒ, 7. (Ήνωμ. Τύπος). — Δεύτερον ισραηλινόν αεροπλάνον εξηφανίσθη εντός 24 ωρών. Φόβοι εκφράζονται ότι συνετρίβη εις την έρημον Νέγκεβ, όπου διεξάγονται έρευναι.

ΤΕΛ ΑΒΙΒ, 7. (Ήνωμ. Τύπος). — Δεύτερον ισραηλινόν αεροπλάνον εξηφανίσθη εντός 24 ωρών. Φόβοι εκφράζονται ότι συνετρίβη εις την έρημον Νέγκεβ, όπου διεξάγονται έρευναι.

Ο ΑΝΤΙΠΡΟΕΔΡΟΣ
ΤΗΣ ΑΙΓΥΠΤΟΥ
ΘΑ ΕΠΙΣΚΕΦΘΗ
ΤΗΝ ΓΙΟΥΓΚΟΣΛΑΒΙΑΝ

ΒΕΛΙΓΡΑΔΙΟΝ, 7. (Ήνωμ. Τύπος). — Ο Αντιπρόεδρος της Ηνωμένης Αραβικής Δημοκρατίας θα πραγματοποιήση επίσημον επίσκεψιν εις την Γιουγκοσλαβίαν τον προσεχή μήνα.

ΕΠΙΣΗΜΟΣ ΕΠΙΣΚΕΨΙΣ
ΤΟΥ ΤΣΑΟΥΣΕΣΚΟΥ
ΕΙΣ ΤΟ ΜΑΡΟΚΟΝ

ΡΑΜΠΑΤ, 7 (Ρόυτερ). — Ο Πρόεδρος της Ρουμανίας Νικολάε Τσαουσέσκου αφίχθη εις Ραμπάτ δι' επίσημον επίσκεψιν εις το Μαρόκον.

ΕΚΚΛΗΣΙΣ ΕΚ ΤΗΣ ΕΣΣΔ

ΤΕΛ ΑΒΙΒ, 7. (Ήνωμ. Τύπος). — Δεύτερον ισραηλινόν αεροπλάνον εξηφανίσθη εντός 24 ωρών. Φόβοι εκφράζονται ότι συνετρίβη εις την έρημον Νέγκεβ, όπου διεξάγονται έρευναι.

ΒΕΛΙΓΡΑΔΙΟΝ, 7. (Ήνωμ. Τύπος). — Ο Αντιπρόεδρος της Ηνωμένης Αραβικής Δημοκρατίας θα πραγματοποιήση επίσημον επίσκεψιν εις την Γιουγκοσλαβίαν τον προσεχή μήνα.

ΤΕΛ ΑΒΙΒ, 7. (Ήνωμ. Τύπος). — Δεύτερον ισραηλινόν αεροπλάνον εξηφανίσθη εντός 24 ωρών. Φόβοι εκφράζονται ότι συνετρίβη εις την έρημον Νέγκεβ, όπου διεξάγονται έρευναι.

ΣΦΟΔΡΑ ΕΚΡΗΞΙΣ
ΕΙΣ ΑΓΥΙΑΣΤΡΑ
ΤΗΣ ΝΕΑΣ ΥΟΡΚΗΣ

ΝΕΑ ΥΟΡΚΗ, 7. (Ήνωμ. Τύπος). — Σφοδρά έκρηξις εσημειώθη εις υπόγειον αγυιάς του Μανχάτταν. Τραυματίαι μεταφέρθηκαν εις νοσοκομεία.

Ο ΠΑΠΑΣ ΕΥΧΑΡΙΣΤΕΙ
ΤΟΝ ΘΕΟΝ
ΔΙΑ ΤΗΝ ΣΩΤΗΡΙΑΝ ΤΟΥ

ΠΟΛΙΣ ΤΟΥ ΒΑΤΙΚΑΝΟΥ, 7. (Ήνωμ. Τύπος). — Ο Πάπας Παύλος ΣΤ΄ ευχαρίστησε τον Θεόν δια την σωτηρίαν του κατά την απόπειραν εις Μανίλαν.

ΚΥΜΑ ΨΥΧΟΥΣ
ΕΝΕΣΚΗΨΕΝ
ΕΙΣ ΤΟΥΡΚΙΑΝ

ΚΩΝΣΤΑΝΤΙΝΟΥΠΟΛΙΣ, 7. (Ήνωμ. Τύπος). — Κύμα ψύχους ενέσκηψεν εις ολόκληρον την Τουρκίαν. Η θερμοκρασία κατήλθε εις 15 βαθμούς υπό το μηδέν.

ΤΕΛ ΑΒΙΒ, 7. (Ήνωμ. Τύπος). — Δεύτερον ισραηλινόν αεροπλάνον εξηφανίσθη εντός 24 ωρών. Φόβοι εκφράζονται ότι συνετρίβη εις την έρημον Νέγκεβ, όπου διεξάγονται έρευναι.

ΝΕΑ ΥΟΡΚΗ, 7. (Ήνωμ. Τύπος). — Σφοδρά έκρηξις εσημειώθη εις υπόγειον αγυιάς του Μανχάτταν. Τραυματίαι μεταφέρθηκαν εις νοσοκομεία.

ΔΙΑΔΗΛΩΣΕΙΣ ΕΙΣ ΜΑΔΡΙΤΗΝ

ΒΕΛΙΓΡΑΔΙΟΝ, 7. (Ήνωμ. Τύπος). — Ο Αντιπρόεδρος της Ηνωμένης Αραβικής Δημοκρατίας θα πραγματοποιήση επίσημον επίσκεψιν εις την Γιουγκοσλαβίαν τον προσεχή μήνα.

ΤΕΛ ΑΒΙΒ, 7. (Ήνωμ. Τύπος). — Δεύτερον ισραηλινόν αεροπλάνον εξηφανίσθη εντός 24 ωρών. Φόβοι εκφράζονται ότι συνετρίβη εις την έρημον Νέγκεβ, όπου διεξάγονται έρευναι.

ΔΙΑΜΑΡΤΥΡΙΑ ΕΙΣ ΑΘΗΝΑΣ

ΠΟΛΙΣ ΤΟΥ ΒΑΤΙΚΑΝΟΥ, 7. (Ήνωμ. Τύπος). — Ο Πάπας Παύλος ΣΤ΄ ευχαρίστησε τον Θεόν δια την σωτηρίαν του κατά την απόπειραν εις Μανίλαν.

ΡΑΜΠΑΤ, 7 (Ρόυτερ). — Ο Πρόεδρος της Ρουμανίας Νικολάε Τσαουσέσκου αφίχθη εις Ραμπάτ δι' επίσημον επίσκεψιν εις το Μαρόκον.

ΜΙΑ ΕΠΙΣΤΟΛΗ

ΚΩΝΣΤΑΝΤΙΝΟΥΠΟΛΙΣ, 7. (Ήνωμ. Τύπος). — Κύμα ψύχους ενέσκηψεν εις ολόκληρον την Τουρκίαν. Η θερμοκρασία κατήλθε εις 15 βαθμούς υπό το μηδέν.

ΝΕΑ ΥΟΡΚΗ, 7. (Ήνωμ. Τύπος). — Σφοδρά έκρηξις εσημειώθη εις υπόγειον αγυιάς του Μανχάτταν. Τραυματίαι μεταφέρθηκαν εις νοσοκομεία.

Η ΤΟΥΡΚΙΑ ΔΙΑ ΝΑ ΠΡΟΣΤΑΤΕΥΣΗ ΤΟ ΣΥΝΑΛΛΑΓΜΑ ΤΗΣ
ΑΠΗΓΟΡΕΥΣΕ ΤΑ ΕΞΟΔΑ ΠΡΟΣΚΥΝΗΤΩΝ ΕΙΣ ΤΗΝ ΜΕΚΚΑΝ

ΑΓΚΥΡΑ, 7 (Άσσ. Πρές). — Η κυβέρνησις απηγόρευσε την έξοδον συναλλάγματος δια τους προσκυνητάς εις την Μέκκαν, προς προστασίαν των συναλλαγματικών αποθεμάτων της χώρας.

ΑΓΚΥΡΑ, 7 (Άσσ. Πρές). — Η κυβέρνησις απηγόρευσε την έξοδον συναλλάγματος δια τους προσκυνητάς εις την Μέκκαν, προς προστασίαν των συναλλαγματικών αποθεμάτων της χώρας.

ΑΓΚΥΡΑ, 7 (Άσσ. Πρές). — Η κυβέρνησις απηγόρευσε την έξοδον συναλλάγματος δια τους προσκυνητάς εις την Μέκκαν, προς προστασίαν των συναλλαγματικών αποθεμάτων της χώρας.

Η ΣΟΒ. ΕΝΩΣΙΣ ΔΙΕΜΑΡΤΥΡΗΘΗ ΠΡΟΣ ΤΑΣ ΗΝ. ΠΟΛΙΤΕΙΑΣ
ΔΙΑ ΤΗΝ ΚΡΑΤΗΣΙΝ ΕΙΣ ΠΑΝΑΜΑ ΕΝΟΣ ΡΩΣΙΚΟΥ ΠΛΟΙΟΥ

ΜΟΣΧΑ, 7. (Ρόυτερ). — Το Υπουργείον Εξωτερικών επέδωσεν διακοίνωσιν διαμαρτυρίας εις την πρεσβείαν των Ηνωμένων Πολιτειών δια την κράτησιν σοβιετικού πλοίου εις την Διώρυγα του Παναμά.

ΜΟΣΧΑ, 7. (Ρόυτερ). — Το Υπουργείον Εξωτερικών επέδωσεν διακοίνωσιν διαμαρτυρίας εις την πρεσβείαν των Ηνωμένων Πολιτειών δια την κράτησιν σοβιετικού πλοίου εις την Διώρυγα του Παναμά.

ΜΟΣΧΑ, 7. (Ρόυτερ). — Το Υπουργείον Εξωτερικών επέδωσεν διακοίνωσιν διαμαρτυρίας εις την πρεσβείαν των Ηνωμένων Πολιτειών δια την κράτησιν σοβιετικού πλοίου εις την Διώρυγα του Παναμά.
